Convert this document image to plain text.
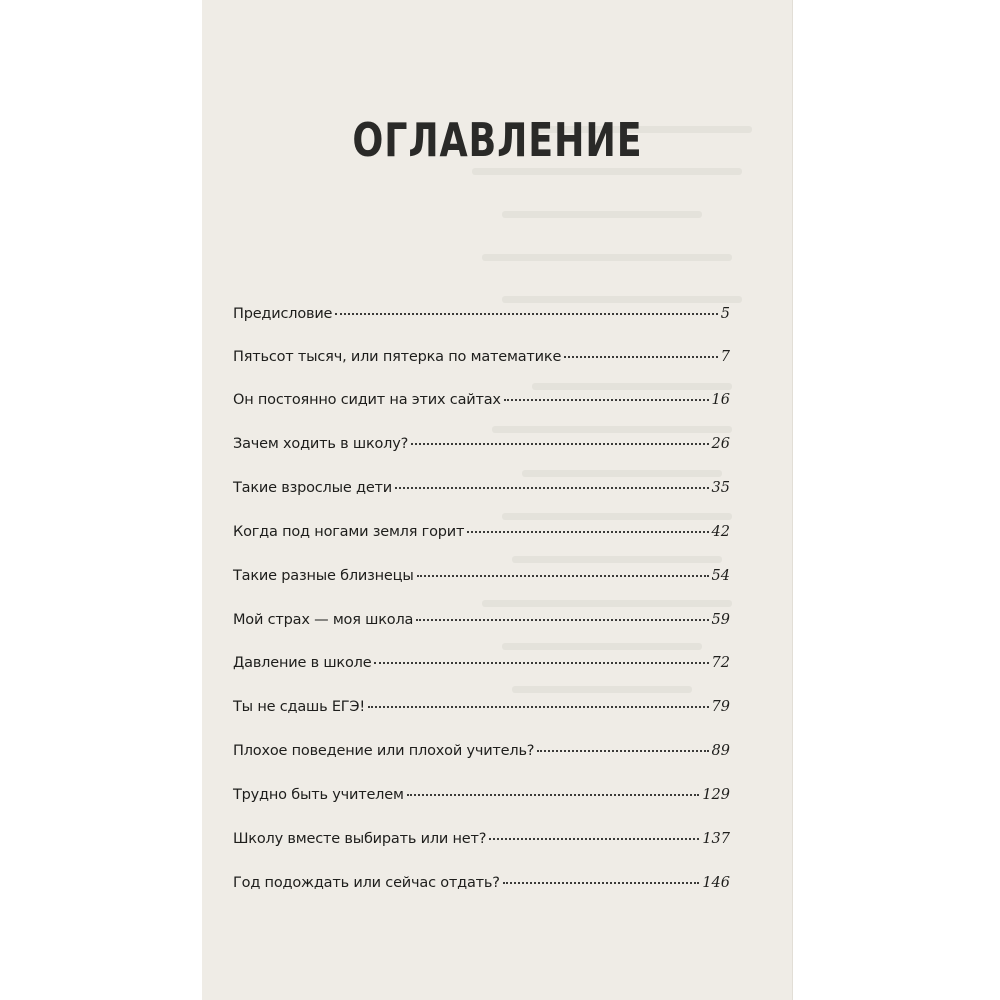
ОГЛАВЛЕНИЕ
Предисловие	5
Пятьсот тысяч, или пятерка по математике	7
Он постоянно сидит на этих сайтах	16
Зачем ходить в школу?	26
Такие взрослые дети	35
Когда под ногами земля горит	42
Такие разные близнецы	54
Мой страх — моя школа	59
Давление в школе	72
Ты не сдашь ЕГЭ!	79
Плохое поведение или плохой учитель?	89
Трудно быть учителем	129
Школу вместе выбирать или нет?	137
Год подождать или сейчас отдать?	146
